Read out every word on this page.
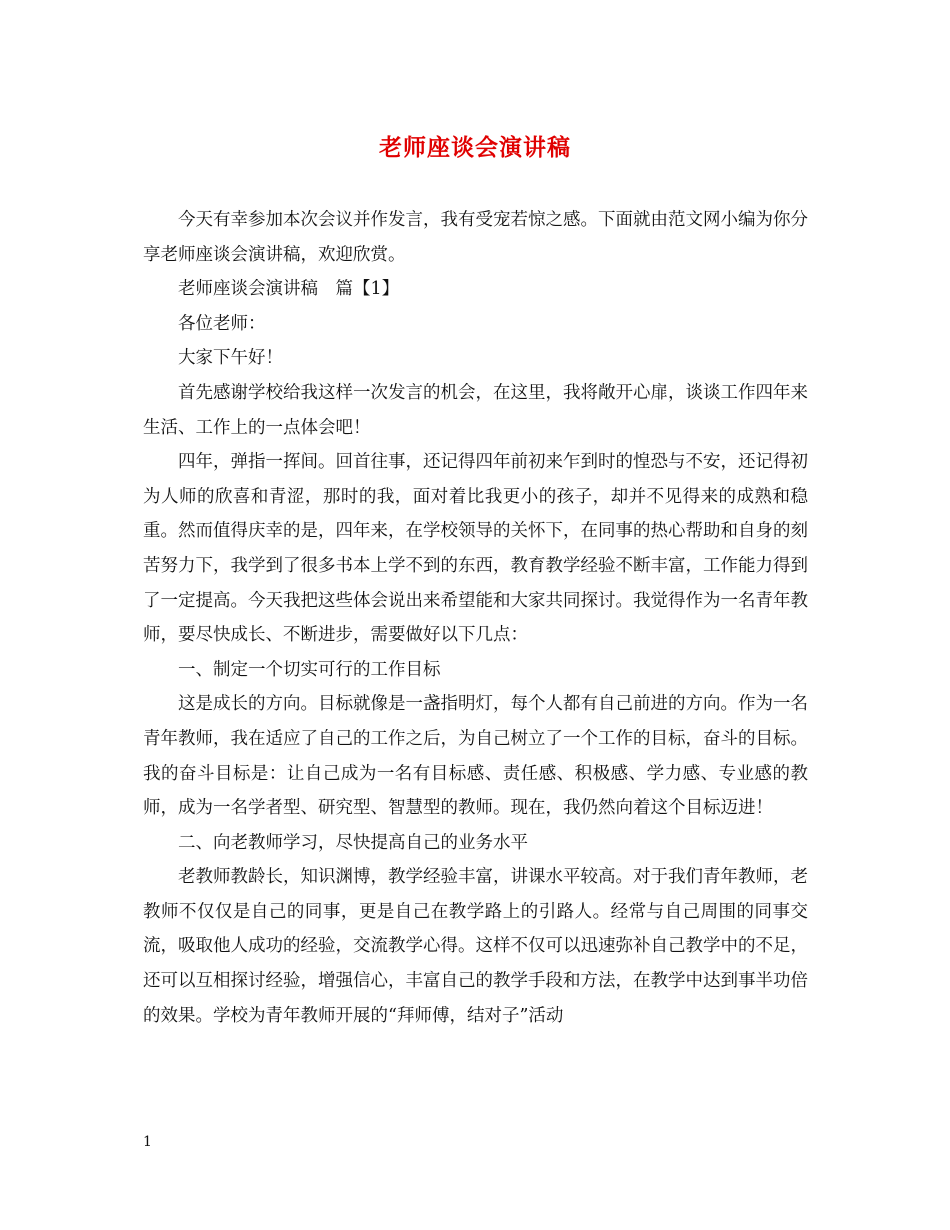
老师座谈会演讲稿

今天有幸参加本次会议并作发言，我有受宠若惊之感。下面就由范文网小编为你分享老师座谈会演讲稿，欢迎欣赏。

老师座谈会演讲稿　篇【1】

各位老师：

大家下午好！

首先感谢学校给我这样一次发言的机会，在这里，我将敞开心扉，谈谈工作四年来生活、工作上的一点体会吧！

四年，弹指一挥间。回首往事，还记得四年前初来乍到时的惶恐与不安，还记得初为人师的欣喜和青涩，那时的我，面对着比我更小的孩子，却并不见得来的成熟和稳重。然而值得庆幸的是，四年来，在学校领导的关怀下，在同事的热心帮助和自身的刻苦努力下，我学到了很多书本上学不到的东西，教育教学经验不断丰富，工作能力得到了一定提高。今天我把这些体会说出来希望能和大家共同探讨。我觉得作为一名青年教师，要尽快成长、不断进步，需要做好以下几点：

一、制定一个切实可行的工作目标

这是成长的方向。目标就像是一盏指明灯，每个人都有自己前进的方向。作为一名青年教师，我在适应了自己的工作之后，为自己树立了一个工作的目标，奋斗的目标。我的奋斗目标是：让自己成为一名有目标感、责任感、积极感、学力感、专业感的教师，成为一名学者型、研究型、智慧型的教师。现在，我仍然向着这个目标迈进！

二、向老教师学习，尽快提高自己的业务水平

老教师教龄长，知识渊博，教学经验丰富，讲课水平较高。对于我们青年教师，老教师不仅仅是自己的同事，更是自己在教学路上的引路人。经常与自己周围的同事交流，吸取他人成功的经验，交流教学心得。这样不仅可以迅速弥补自己教学中的不足，还可以互相探讨经验，增强信心，丰富自己的教学手段和方法，在教学中达到事半功倍的效果。学校为青年教师开展的“拜师傅，结对子”活动

1
